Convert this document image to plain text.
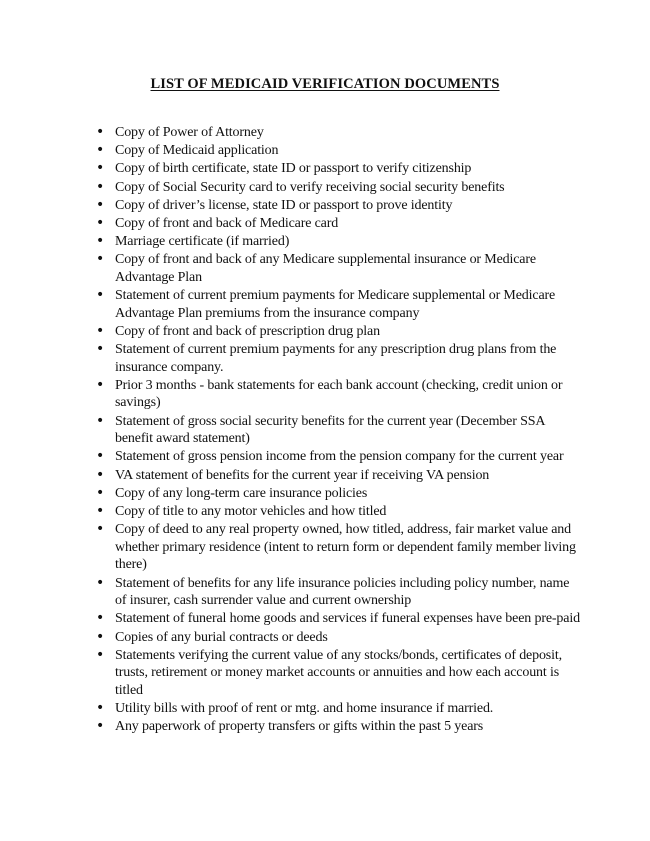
LIST OF MEDICAID VERIFICATION DOCUMENTS
• Copy of Power of Attorney
• Copy of Medicaid application
• Copy of birth certificate, state ID or passport to verify citizenship
• Copy of Social Security card to verify receiving social security benefits
• Copy of driver’s license, state ID or passport to prove identity
• Copy of front and back of Medicare card
• Marriage certificate (if married)
• Copy of front and back of any Medicare supplemental insurance or Medicare Advantage Plan
• Statement of current premium payments for Medicare supplemental or Medicare Advantage Plan premiums from the insurance company
• Copy of front and back of prescription drug plan
• Statement of current premium payments for any prescription drug plans from the insurance company.
• Prior 3 months - bank statements for each bank account (checking, credit union or savings)
• Statement of gross social security benefits for the current year (December SSA benefit award statement)
• Statement of gross pension income from the pension company for the current year
• VA statement of benefits for the current year if receiving VA pension
• Copy of any long-term care insurance policies
• Copy of title to any motor vehicles and how titled
• Copy of deed to any real property owned, how titled, address, fair market value and whether primary residence (intent to return form or dependent family member living there)
• Statement of benefits for any life insurance policies including policy number, name of insurer, cash surrender value and current ownership
• Statement of funeral home goods and services if funeral expenses have been pre-paid
• Copies of any burial contracts or deeds
• Statements verifying the current value of any stocks/bonds, certificates of deposit, trusts, retirement or money market accounts or annuities and how each account is titled
• Utility bills with proof of rent or mtg. and home insurance if married.
• Any paperwork of property transfers or gifts within the past 5 years
